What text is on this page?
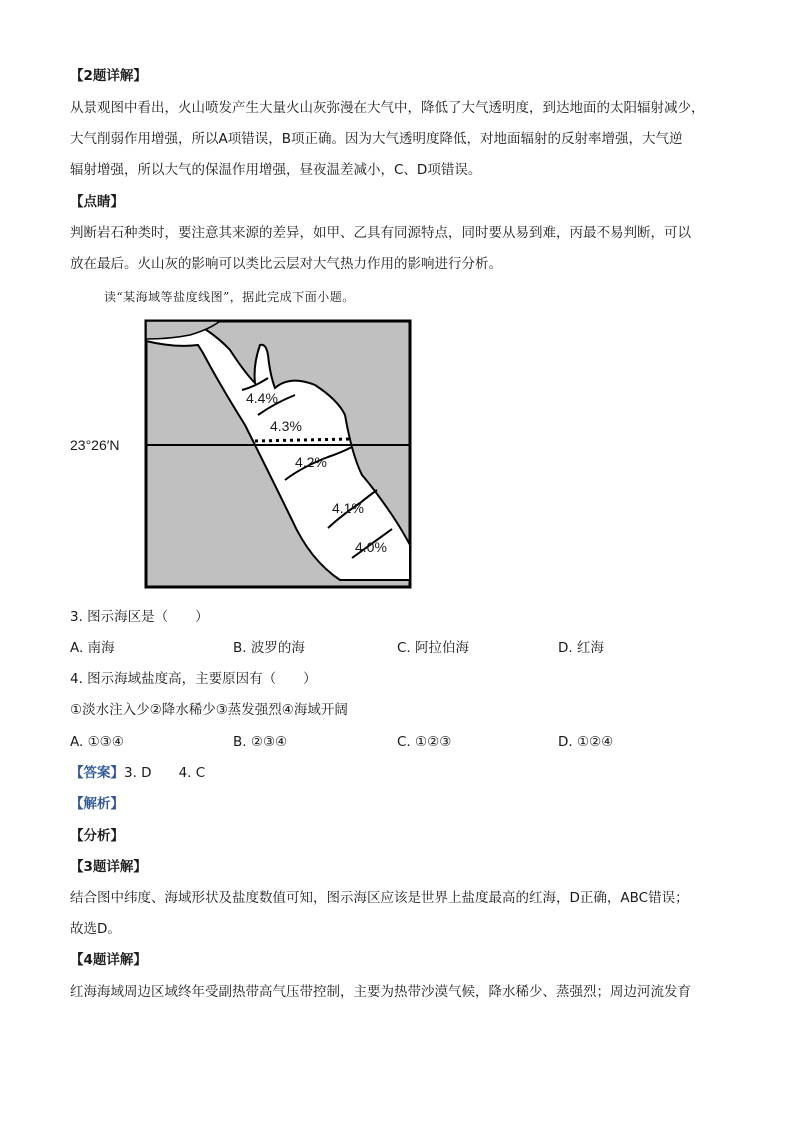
【2题详解】
从景观图中看出，火山喷发产生大量火山灰弥漫在大气中，降低了大气透明度，到达地面的太阳辐射减少，
大气削弱作用增强，所以A项错误，B项正确。因为大气透明度降低，对地面辐射的反射率增强，大气逆
辐射增强，所以大气的保温作用增强，昼夜温差减小，C、D项错误。
【点睛】
判断岩石种类时，要注意其来源的差异，如甲、乙具有同源特点，同时要从易到难，丙最不易判断，可以
放在最后。火山灰的影响可以类比云层对大气热力作用的影响进行分析。
读“某海域等盐度线图”，据此完成下面小题。
23°26′N
4.4%
4.3%
4.2%
4.1%
4.0%
3. 图示海区是（　　）
A. 南海	B. 波罗的海	C. 阿拉伯海	D. 红海
4. 图示海域盐度高，主要原因有（　　）
①淡水注入少②降水稀少③蒸发强烈④海域开阔
A. ①③④	B. ②③④	C. ①②③	D. ①②④
【答案】3. D　　4. C
【解析】
【分析】
【3题详解】
结合图中纬度、海域形状及盐度数值可知，图示海区应该是世界上盐度最高的红海，D正确，ABC错误；
故选D。
【4题详解】
红海海域周边区域终年受副热带高气压带控制，主要为热带沙漠气候，降水稀少、蒸强烈；周边河流发育
